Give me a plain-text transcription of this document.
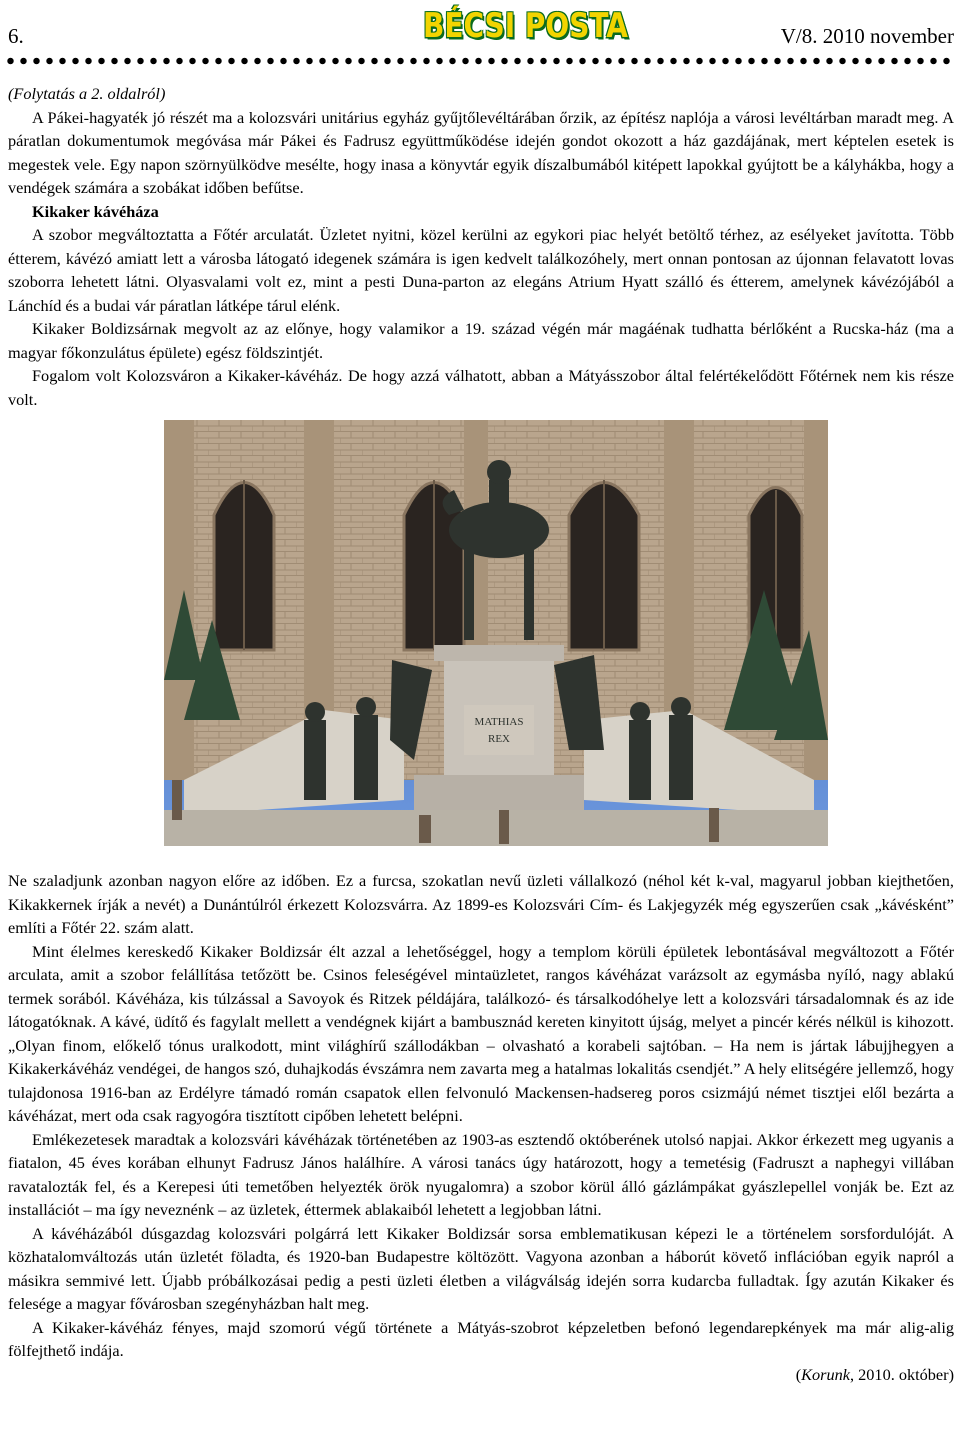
6.	BÉCSI POSTA	V/8. 2010 november

(Folytatás a 2. oldalról)

A Pákei-hagyaték jó részét ma a kolozsvári unitárius egyház gyűjtőlevéltárában őrzik, az építész naplója a városi levéltárban maradt meg. A páratlan dokumentumok megóvása már Pákei és Fadrusz együttműködése idején gondot okozott a ház gazdájának, mert képtelen esetek is megestek vele. Egy napon szörnyülködve mesélte, hogy inasa a könyvtár egyik díszalbumából kitépett lapokkal gyújtott be a kályhákba, hogy a vendégek számára a szobákat időben befűtse.

Kikaker kávéháza

A szobor megváltoztatta a Főtér arculatát. Üzletet nyitni, közel kerülni az egykori piac helyét betöltő térhez, az esélyeket javította. Több étterem, kávézó amiatt lett a városba látogató idegenek számára is igen kedvelt találkozóhely, mert onnan pontosan az újonnan felavatott lovas szoborra lehetett látni. Olyasvalami volt ez, mint a pesti Duna-parton az elegáns Atrium Hyatt szálló és étterem, amelynek kávézójából a Lánchíd és a budai vár páratlan látképe tárul elénk.

Kikaker Boldizsárnak megvolt az az előnye, hogy valamikor a 19. század végén már magáénak tudhatta bérlőként a Rucska-ház (ma a magyar főkonzulátus épülete) egész földszintjét.

Fogalom volt Kolozsváron a Kikaker-kávéház. De hogy azzá válhatott, abban a Mátyásszobor által felértékelődött Főtérnek nem kis része volt.

MATHIAS
REX

Ne szaladjunk azonban nagyon előre az időben. Ez a furcsa, szokatlan nevű üzleti vállalkozó (néhol két k-val, magyarul jobban kiejthetően, Kikakkernek írják a nevét) a Dunántúlról érkezett Kolozsvárra. Az 1899-es Kolozsvári Cím- és Lakjegyzék még egyszerűen csak „kávésként” említi a Főtér 22. szám alatt.

Mint élelmes kereskedő Kikaker Boldizsár élt azzal a lehetőséggel, hogy a templom körüli épületek lebontásával megváltozott a Főtér arculata, amit a szobor felállítása tetőzött be. Csinos feleségével mintaüzletet, rangos kávéházat varázsolt az egymásba nyíló, nagy ablakú termek sorából. Kávéháza, kis túlzással a Savoyok és Ritzek példájára, találkozó- és társalkodóhelye lett a kolozsvári társadalomnak és az ide látogatóknak. A kávé, üdítő és fagylalt mellett a vendégnek kijárt a bambusznád kereten kinyitott újság, melyet a pincér kérés nélkül is kihozott. „Olyan finom, előkelő tónus uralkodott, mint világhírű szállodákban – olvasható a korabeli sajtóban. – Ha nem is jártak lábujjhegyen a Kikakerkávéház vendégei, de hangos szó, duhajkodás évszámra nem zavarta meg a hatalmas lokalitás csendjét.” A hely elitségére jellemző, hogy tulajdonosa 1916-ban az Erdélyre támadó román csapatok ellen felvonuló Mackensen-hadsereg poros csizmájú német tisztjei elől bezárta a kávéházat, mert oda csak ragyogóra tisztított cipőben lehetett belépni.

Emlékezetesek maradtak a kolozsvári kávéházak történetében az 1903-as esztendő októberének utolsó napjai. Akkor érkezett meg ugyanis a fiatalon, 45 éves korában elhunyt Fadrusz János halálhíre. A városi tanács úgy határozott, hogy a temetésig (Fadruszt a naphegyi villában ravatalozták fel, és a Kerepesi úti temetőben helyezték örök nyugalomra) a szobor körül álló gázlámpákat gyászlepellel vonják be. Ezt az installációt – ma így neveznénk – az üzletek, éttermek ablakaiból lehetett a legjobban látni.

A kávéházából dúsgazdag kolozsvári polgárrá lett Kikaker Boldizsár sorsa emblematikusan képezi le a történelem sorsfordulóját. A közhatalomváltozás után üzletét föladta, és 1920-ban Budapestre költözött. Vagyona azonban a háborút követő inflációban egyik napról a másikra semmivé lett. Újabb próbálkozásai pedig a pesti üzleti életben a világválság idején sorra kudarcba fulladtak. Így azután Kikaker és felesége a magyar fővárosban szegényházban halt meg.

A Kikaker-kávéház fényes, majd szomorú végű története a Mátyás-szobrot képzeletben befonó legendarepkények ma már alig-alig fölfejthető indája.

(Korunk, 2010. október)
